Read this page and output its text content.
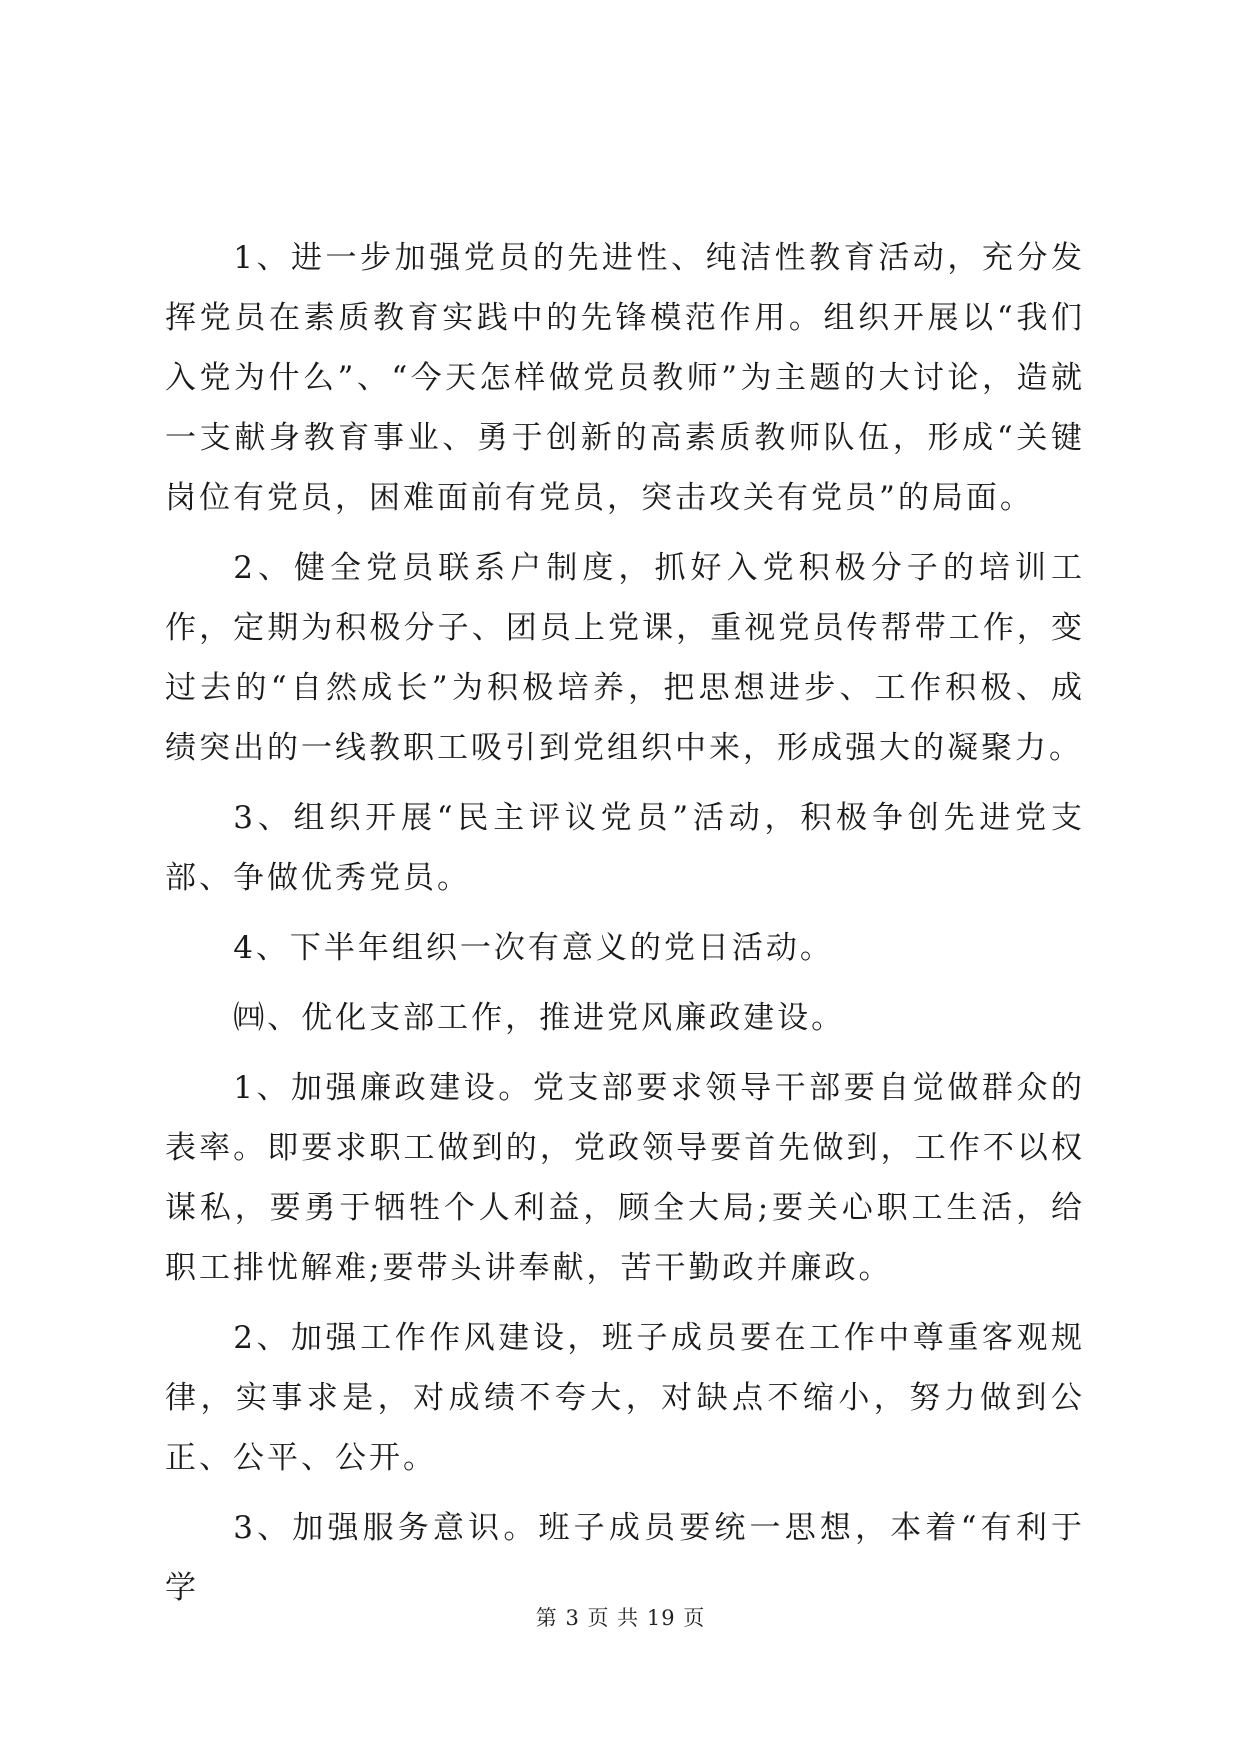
1、进一步加强党员的先进性、纯洁性教育活动，充分发挥党员在素质教育实践中的先锋模范作用。组织开展以“我们入党为什么”、“今天怎样做党员教师”为主题的大讨论，造就一支献身教育事业、勇于创新的高素质教师队伍，形成“关键岗位有党员，困难面前有党员，突击攻关有党员”的局面。

2、健全党员联系户制度，抓好入党积极分子的培训工作，定期为积极分子、团员上党课，重视党员传帮带工作，变过去的“自然成长”为积极培养，把思想进步、工作积极、成绩突出的一线教职工吸引到党组织中来，形成强大的凝聚力。

3、组织开展“民主评议党员”活动，积极争创先进党支部、争做优秀党员。

4、下半年组织一次有意义的党日活动。

㈣、优化支部工作，推进党风廉政建设。

1、加强廉政建设。党支部要求领导干部要自觉做群众的表率。即要求职工做到的，党政领导要首先做到，工作不以权谋私，要勇于牺牲个人利益，顾全大局;要关心职工生活，给职工排忧解难;要带头讲奉献，苦干勤政并廉政。

2、加强工作作风建设，班子成员要在工作中尊重客观规律，实事求是，对成绩不夸大，对缺点不缩小，努力做到公正、公平、公开。

3、加强服务意识。班子成员要统一思想，本着“有利于学

第 3 页 共 19 页
